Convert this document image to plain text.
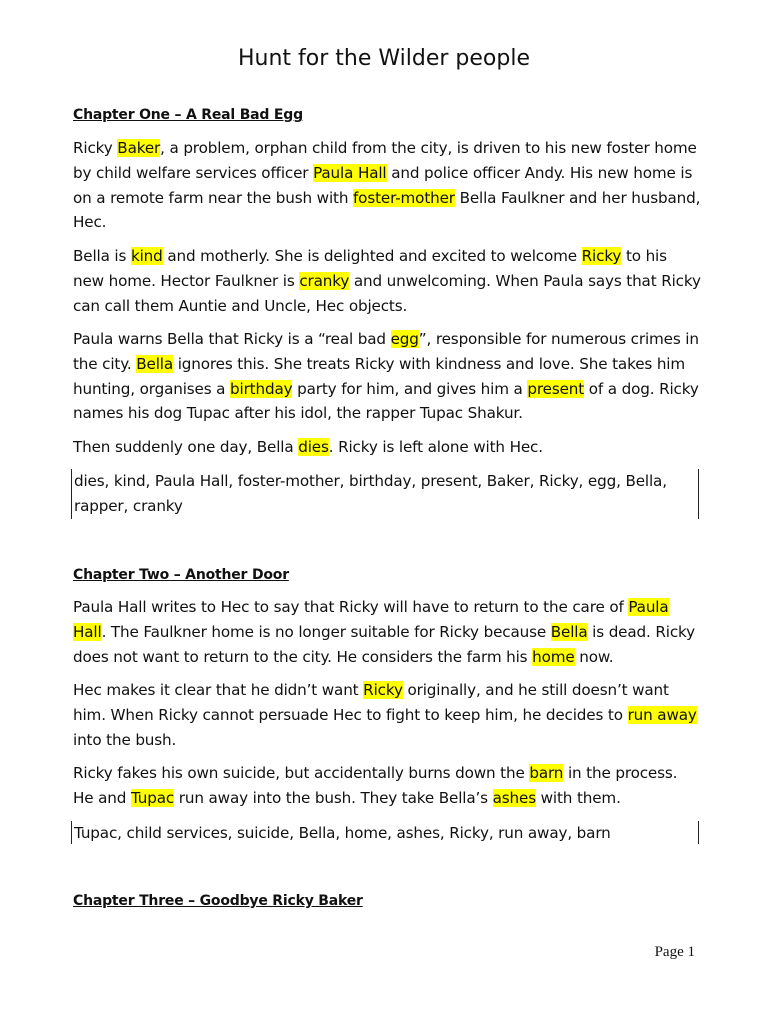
Hunt for the Wilder people
Chapter One – A Real Bad Egg

Ricky Baker, a problem, orphan child from the city, is driven to his new foster home by child welfare services officer Paula Hall and police officer Andy. His new home is on a remote farm near the bush with foster-mother Bella Faulkner and her husband, Hec.

Bella is kind and motherly. She is delighted and excited to welcome Ricky to his new home. Hector Faulkner is cranky and unwelcoming. When Paula says that Ricky can call them Auntie and Uncle, Hec objects.

Paula warns Bella that Ricky is a “real bad egg”, responsible for numerous crimes in the city. Bella ignores this. She treats Ricky with kindness and love. She takes him hunting, organises a birthday party for him, and gives him a present of a dog. Ricky names his dog Tupac after his idol, the rapper Tupac Shakur.

Then suddenly one day, Bella dies. Ricky is left alone with Hec.

dies, kind, Paula Hall, foster-mother, birthday, present, Baker, Ricky, egg, Bella, rapper, cranky
Chapter Two – Another Door

Paula Hall writes to Hec to say that Ricky will have to return to the care of Paula Hall. The Faulkner home is no longer suitable for Ricky because Bella is dead. Ricky does not want to return to the city. He considers the farm his home now.

Hec makes it clear that he didn’t want Ricky originally, and he still doesn’t want him. When Ricky cannot persuade Hec to fight to keep him, he decides to run away into the bush.

Ricky fakes his own suicide, but accidentally burns down the barn in the process. He and Tupac run away into the bush. They take Bella’s ashes with them.

Tupac, child services, suicide, Bella, home, ashes, Ricky, run away, barn
Chapter Three – Goodbye Ricky Baker
Page 1
